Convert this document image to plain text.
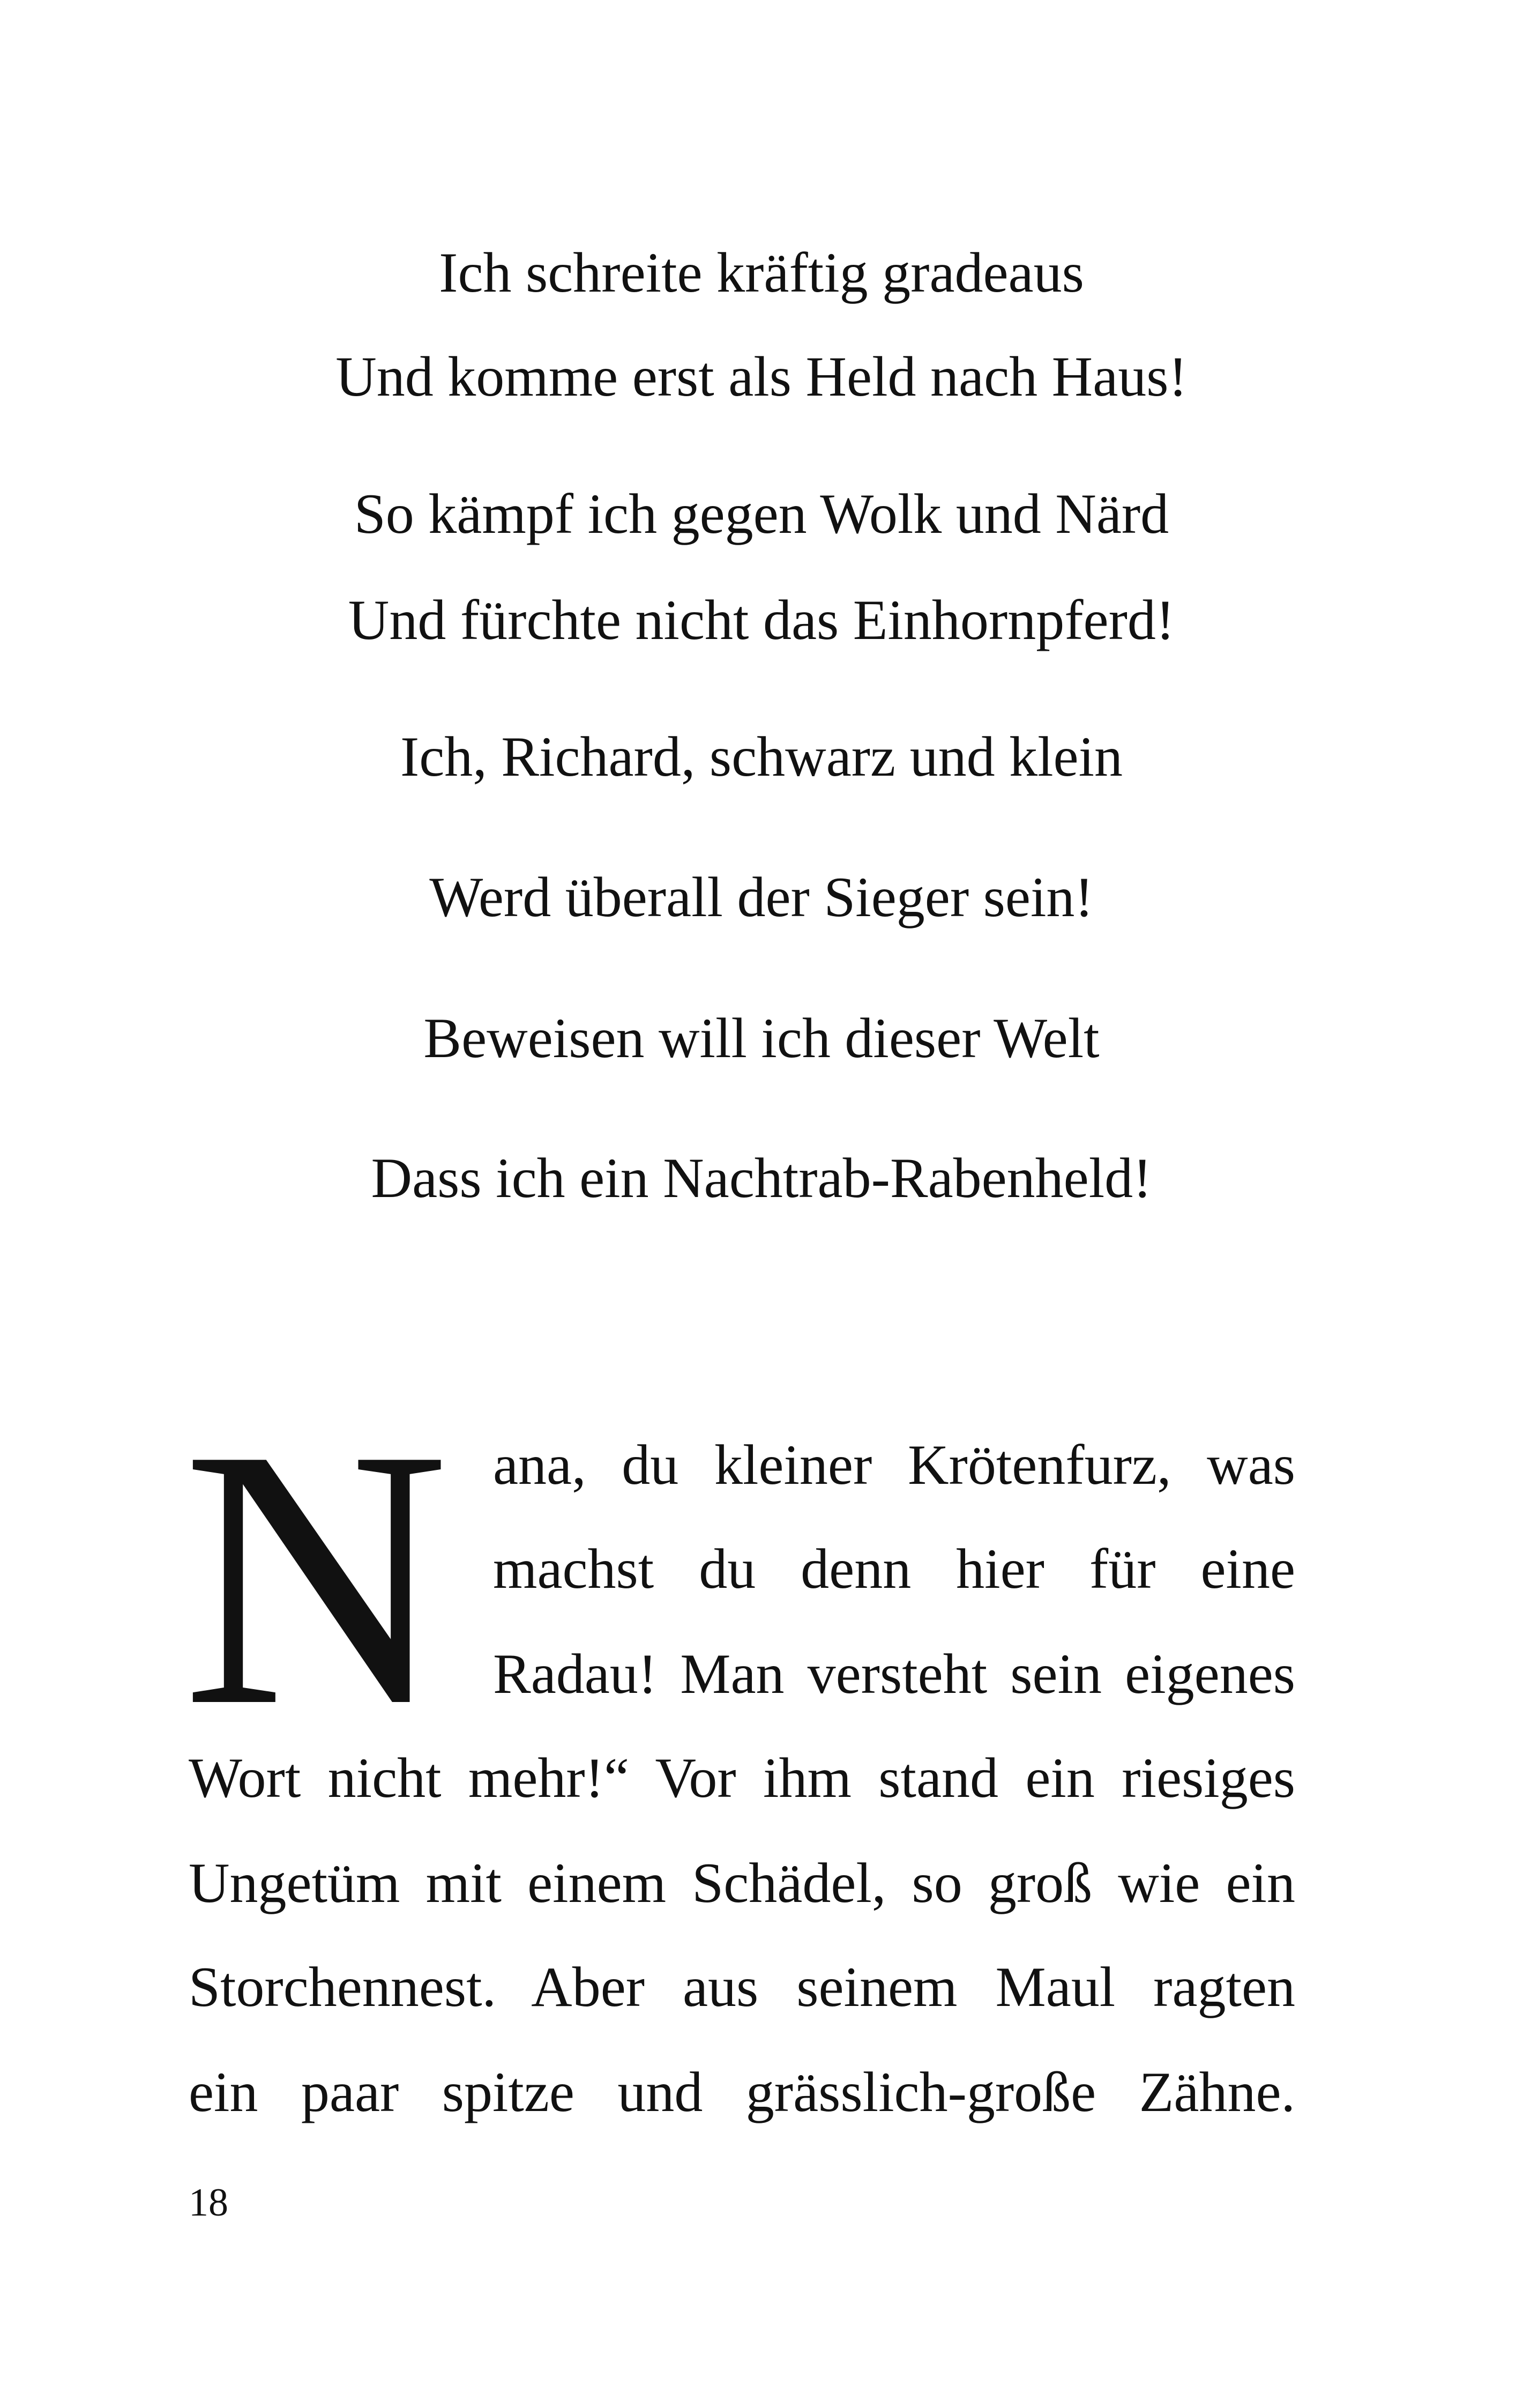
Ich schreite kräftig gradeaus
Und komme erst als Held nach Haus!
So kämpf ich gegen Wolk und Närd
Und fürchte nicht das Einhornpferd!
Ich, Richard, schwarz und klein
Werd überall der Sieger sein!
Beweisen will ich dieser Welt
Dass ich ein Nachtrab-Rabenheld!
N ana, du kleiner Krötenfurz, was
machst du denn hier für eine
Radau! Man versteht sein eigenes
Wort nicht mehr!“ Vor ihm stand ein riesiges
Ungetüm mit einem Schädel, so groß wie ein
Storchennest. Aber aus seinem Maul ragten
ein paar spitze und grässlich-große Zähne.
18
